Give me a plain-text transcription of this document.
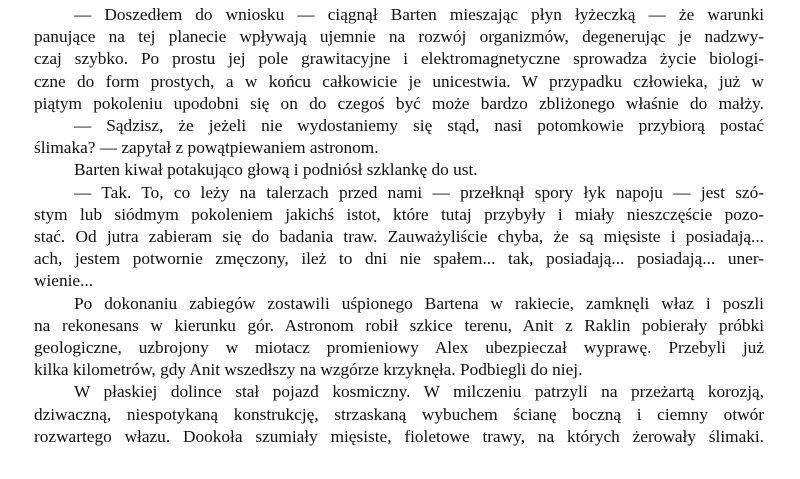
— Doszedłem do wniosku — ciągnął Barten mieszając płyn łyżeczką — że warunki
panujące na tej planecie wpływają ujemnie na rozwój organizmów, degenerując je nadzwy-
czaj szybko. Po prostu jej pole grawitacyjne i elektromagnetyczne sprowadza życie biologi-
czne do form prostych, a w końcu całkowicie je unicestwia. W przypadku człowieka, już w
piątym pokoleniu upodobni się on do czegoś być może bardzo zbliżonego właśnie do małży.
— Sądzisz, że jeżeli nie wydostaniemy się stąd, nasi potomkowie przybiorą postać
ślimaka? — zapytał z powątpiewaniem astronom.
Barten kiwał potakująco głową i podniósł szklankę do ust.
— Tak. To, co leży na talerzach przed nami — przełknął spory łyk napoju — jest szó-
stym lub siódmym pokoleniem jakichś istot, które tutaj przybyły i miały nieszczęście pozo-
stać. Od jutra zabieram się do badania traw. Zauważyliście chyba, że są mięsiste i posiadają...
ach, jestem potwornie zmęczony, ileż to dni nie spałem... tak, posiadają... posiadają... uner-
wienie...
Po dokonaniu zabiegów zostawili uśpionego Bartena w rakiecie, zamknęli właz i poszli
na rekonesans w kierunku gór. Astronom robił szkice terenu, Anit z Raklin pobierały próbki
geologiczne, uzbrojony w miotacz promieniowy Alex ubezpieczał wyprawę. Przebyli już
kilka kilometrów, gdy Anit wszedłszy na wzgórze krzyknęła. Podbiegli do niej.
W płaskiej dolince stał pojazd kosmiczny. W milczeniu patrzyli na przeżartą korozją,
dziwaczną, niespotykaną konstrukcję, strzaskaną wybuchem ścianę boczną i ciemny otwór
rozwartego włazu. Dookoła szumiały mięsiste, fioletowe trawy, na których żerowały ślimaki.
